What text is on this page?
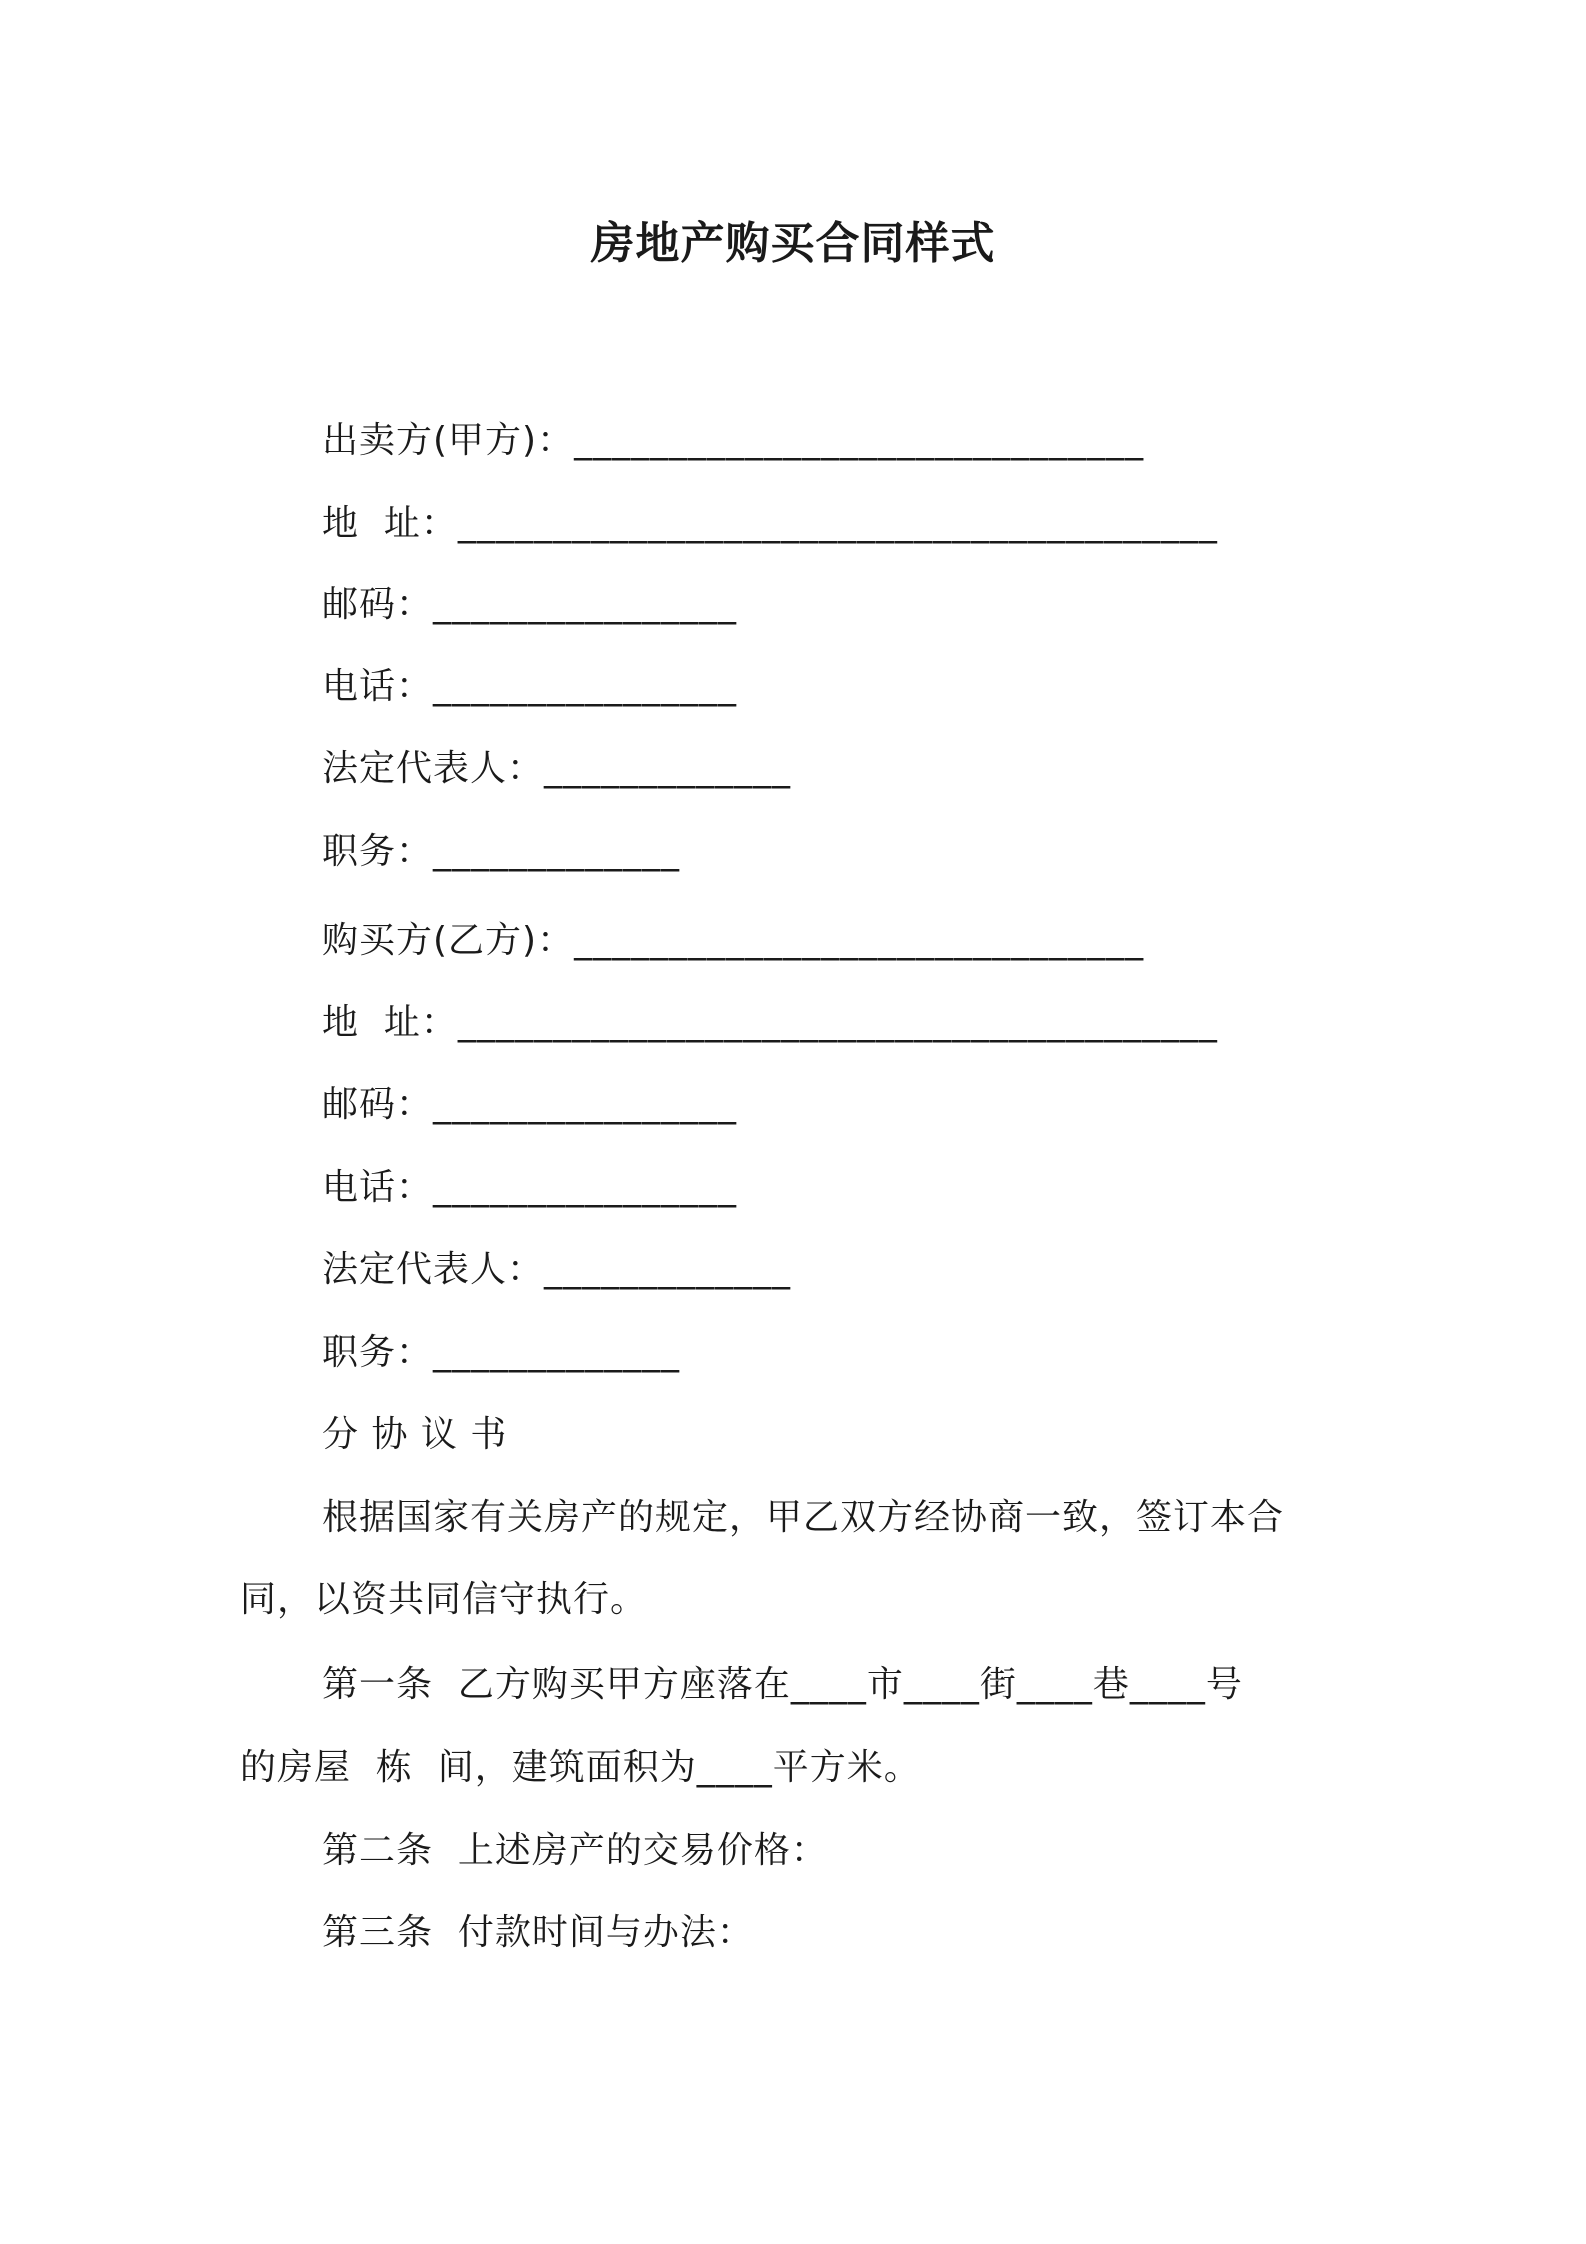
房地产购买合同样式
出卖方(甲方)：______________________________
地  址：________________________________________
邮码：________________
电话：________________
法定代表人：_____________
职务：_____________
购买方(乙方)：______________________________
地  址：________________________________________
邮码：________________
电话：________________
法定代表人：_____________
职务：_____________
分 协 议 书
根据国家有关房产的规定，甲乙双方经协商一致，签订本合
同，以资共同信守执行。
第一条  乙方购买甲方座落在____市____街____巷____号
的房屋  栋  间，建筑面积为____平方米。
第二条  上述房产的交易价格：
第三条  付款时间与办法：
